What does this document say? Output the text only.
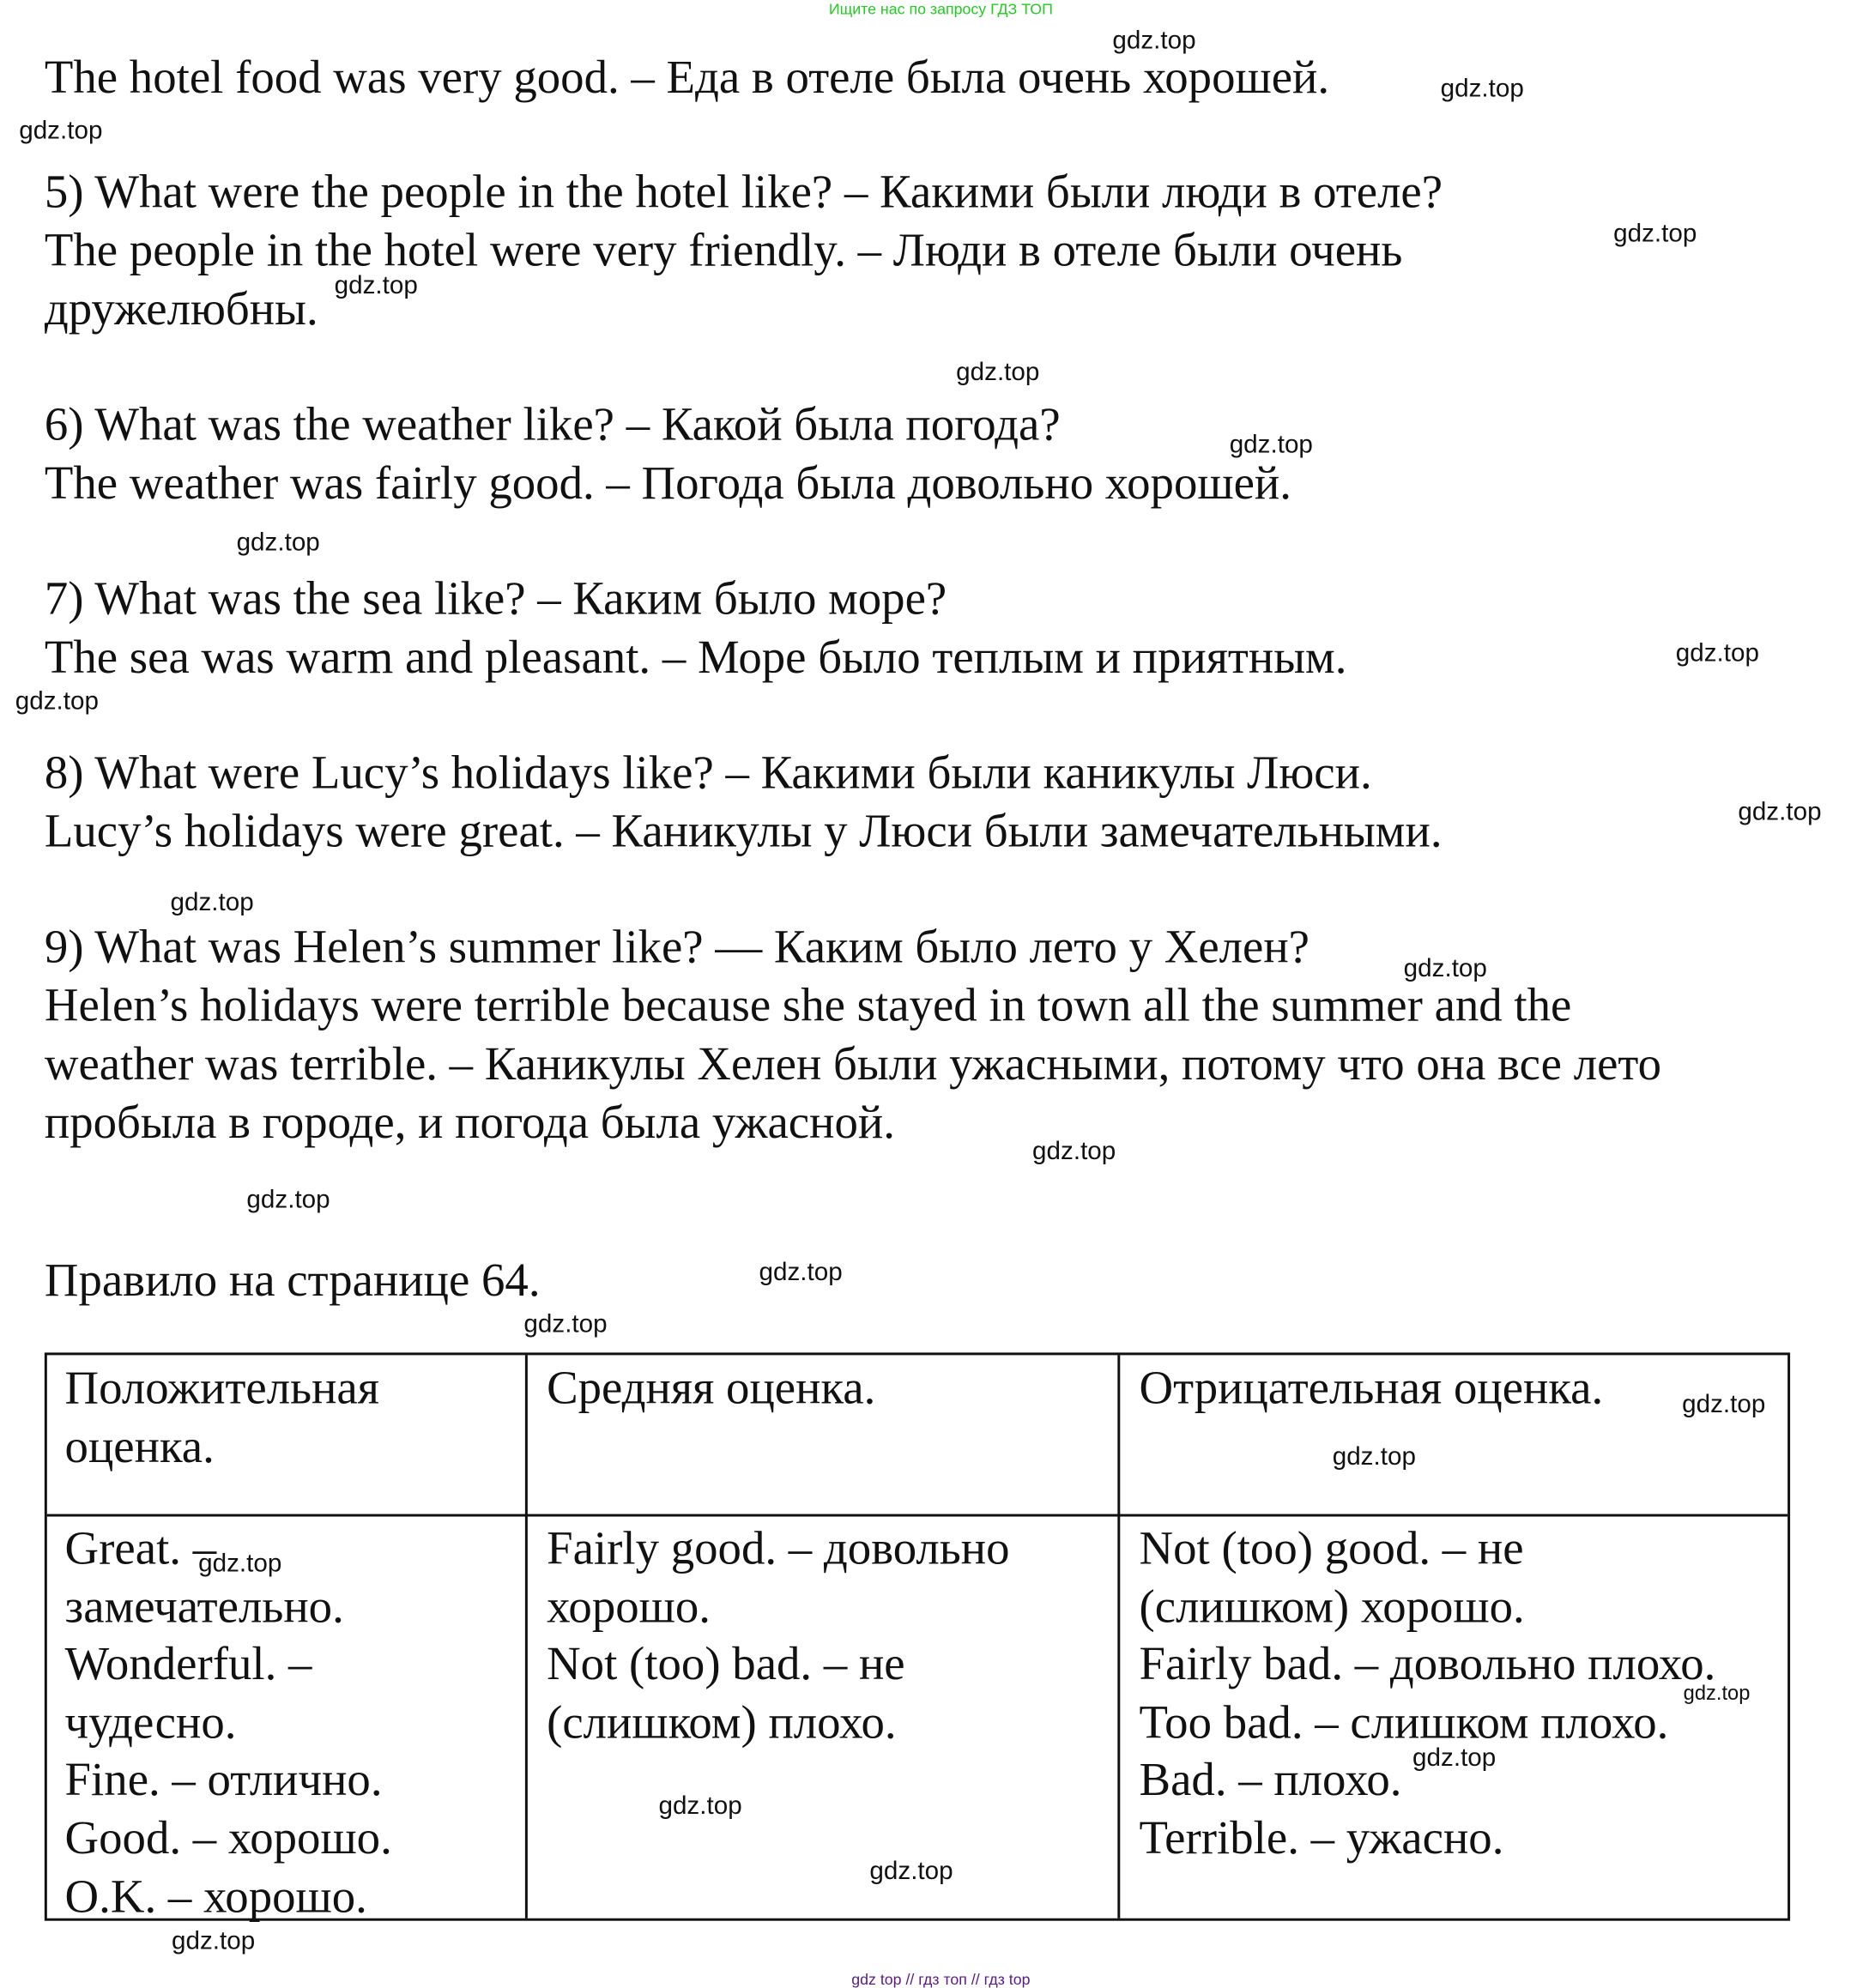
Ищите нас по запросу ГДЗ ТОП
The hotel food was very good. – Еда в отеле была очень хорошей.
5) What were the people in the hotel like? – Какими были люди в отеле?
The people in the hotel were very friendly. – Люди в отеле были очень
дружелюбны.
6) What was the weather like? – Какой была погода?
The weather was fairly good. – Погода была довольно хорошей.
7) What was the sea like? – Каким было море?
The sea was warm and pleasant. – Море было теплым и приятным.
8) What were Lucy’s holidays like? – Какими были каникулы Люси.
Lucy’s holidays were great. – Каникулы у Люси были замечательными.
9) What was Helen’s summer like? — Каким было лето у Хелен?
Helen’s holidays were terrible because she stayed in town all the summer and the
weather was terrible. – Каникулы Хелен были ужасными, потому что она все лето
пробыла в городе, и погода была ужасной.
Правило на странице 64.
Положительная
оценка.
Средняя оценка.	Отрицательная оценка.
Great. –
замечательно.
Wonderful. –
чудесно.
Fine. – отлично.
Good. – хорошо.
O.K. – хорошо.
Fairly good. – довольно
хорошо.
Not (too) bad. – не
(слишком) плохо.
Not (too) good. – не
(слишком) хорошо.
Fairly bad. – довольно плохо.
Too bad. – слишком плохо.
Bad. – плохо.
Terrible. – ужасно.
gdz.top
gdz.top
gdz.top
gdz.top
gdz.top
gdz.top
gdz.top
gdz.top
gdz.top
gdz.top
gdz.top
gdz.top
gdz.top
gdz.top
gdz.top
gdz.top
gdz.top
gdz.top
gdz.top
gdz.top
gdz.top
gdz.top
gdz.top
gdz.top
gdz.top
gdz top // гдз топ // гдз top
